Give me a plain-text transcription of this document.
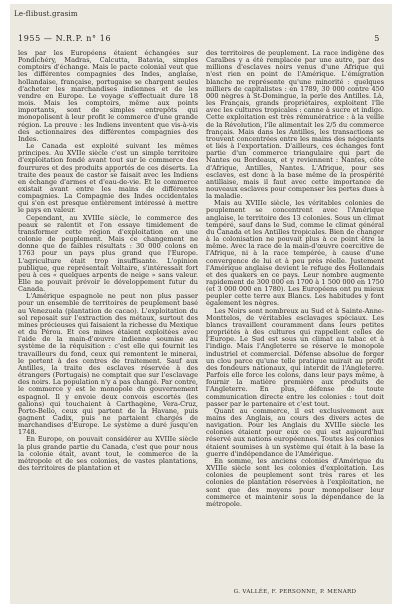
Le-flibust.grasim
1955 — N.R.P. n° 16	5

les par les Européens étaient échangées sur Pondichéry, Madras, Calcutta, Batavia, simples comptoirs d'échange. Mais le pacte colonial veut que les différentes compagnies des Indes, anglaise, hollandaise, française, portugaise se chargent seules d'acheter les marchandises indiennes et de les vendre en Europe. Le voyage s'effectuait dure 18 mois. Mais les comptoirs, même aux points importants, sont de simples entrepôts qui monopolisent à leur profit le commerce d'une grande région. La preuve : les Indiens inventent que vis-à-vis des actionnaires des différentes compagnies des Indes.

Le Canada est exploité suivant les mêmes principes. Au XVIIe siècle c'est un simple territoire d'exploitation fondé avant tout sur le commerce des fourrures et des produits apportés de ces déserts. La traite des peaux de castor se faisait avec les Indiens en échange d'armes et d'eau-de-vie. Et le commerce existait avant entre les mains de différentes compagnies. La Compagnie des Indes occidentales qui s'en est presque entièrement intéressé à mettre le pays en valeur.

Cependant, au XVIIIe siècle, le commerce des peaux se ralentit et l'on essaye timidement de transformer cette région d'exploitation en une colonie de peuplement. Mais ce changement ne donne que de faibles résultats : 30 000 colons en 1763 pour un pays plus grand que l'Europe. L'agriculture était trop insuffisante. L'opinion publique, que représentait Voltaire, s'intéressait fort peu à ces « quelques arpents de neige » sans valeur. Elle ne pouvait prévoir le développement futur du Canada.

L'Amérique espagnole ne peut non plus passer pour un ensemble de territoires de peuplement basé au Venezuela (plantation de cacao). L'exploitation du sol reposait sur l'extraction des métaux, surtout des mines précieuses qui faisaient la richesse du Mexique et du Pérou. Et ces mines étaient exploitées avec l'aide de la main-d'œuvre indienne soumise au système de la réquisition : c'est elle qui fournit les travailleurs du fond, ceux qui remontent le minerai, le portent à des centres de traitement. Sauf aux Antilles, la traite des esclaves réservée à des étrangers (Portugais) ne comptait que sur l'esclavage des noirs. La population n'y a pas changé. Par contre, le commerce y est le monopole du gouvernement espagnol. Il y envoie deux convois escortés (les galions) qui touchaient à Carthagène, Vera-Cruz, Porto-Bello, ceux qui partent de la Havane, puis gagnent Cadix, puis ne partaient chargés de marchandises d'Europe. Le système a duré jusqu'en 1748.

En Europe, on pouvait considérer au XVIIIe siècle la plus grande partie du Canada, c'est que pour nous la colonie était, avant tout, le commerce de la métropole et de ses colonies, de vastes plantations, des territoires de plantation et

des territoires de peuplement. La race indigène des Caraïbes y a été remplacée par une autre, par des millions d'esclaves noirs venus d'une Afrique qui n'est rien en point de l'Amérique. L'émigration blanche ne représente qu'une minorité : quelques milliers de capitalistes : en 1789, 30 000 contre 450 000 nègres à St-Domingue, la perle des Antilles. Là, les Français, grands propriétaires, exploitent l'île avec les cultures tropicales : canne à sucre et indigo. Cette exploitation est très rémunératrice : à la veille de la Révolution, l'île alimentait les 2/5 du commerce français. Mais dans les Antilles, les transactions se trouvent concentrées entre les mains des négociants et liés à l'exportation. D'ailleurs, ces échanges font partie d'un commerce triangulaire qui part de Nantes ou Bordeaux, et y reviennent : Nantes, côte d'Afrique, Antilles, Nantes. L'Afrique, pour ses esclaves, est donc à la base même de la prospérité antillaise, mais il faut avec cette importance de nouveaux esclaves pour compenser les pertes dues à la maladie.

Mais au XVIIIe siècle, les véritables colonies de peuplement se concentrent avec l'Amérique anglaise, le territoire des 13 colonies. Sous un climat tempéré, sauf dans le Sud, comme le climat général du Canada et les Antilles tropicales. Bien de changer à la colonisation ne pouvait plus à ce point être la même. Avec la race de la main-d'œuvre coercitive de l'Afrique, ni à la race tempérée, à cause d'une convergence de lui et à peu près réelle. Justement l'Amérique anglaise devient le refuge des Hollandais et des quakers en ce pays. Leur nombre augmente rapidement de 300 000 en 1700 à 1 500 000 en 1750 (et 3 000 000 en 1780). Les Européens ont pu mieux peupler cette terre aux Blancs. Les habitudes y font également les nègres.

Les Noirs sont nombreux au Sud et à Sainte-Anne-Monttelos, de véritables esclavages spéciaux. Les blancs travaillent couramment dans leurs petites propriétés à des cultures qui rappellent celles de l'Europe. Le Sud est sous un climat au tabac et à l'indigo. Mais l'Angleterre se réserve le monopole industriel et commercial. Défense absolue de forger un clou parce qu'une telle pratique nuirait au profit des fondeurs nationaux, qui interdit de l'Angleterre. Parfois elle force les colons, dans leur pays même, à fournir la matière première aux produits de l'Angleterre. En plus, défense de toute communication directe entre les colonies : tout doit passer par le partenaire et c'est tout.

Quant au commerce, il est exclusivement aux mains des Anglais, au cours des divers actes de navigation. Pour les Anglais du XVIIIe siècle les colonies étaient pour eux ce qui est aujourd'hui réservé aux nations européennes. Toutes les colonies étaient soumises à un système qui était à la base la guerre d'indépendance de l'Amérique.

En somme, les anciens colonies d'Amérique du XVIIIe siècle sont les colonies d'exploitation. Les colonies de peuplement sont très rares et les colonies de plantation réservées à l'exploitation, ne sont que des moyens pour monopoliser leur commerce et maintenir sous la dépendance de la métropole.

G. VALLÉE, F. PERSONNE, P. MENARD
